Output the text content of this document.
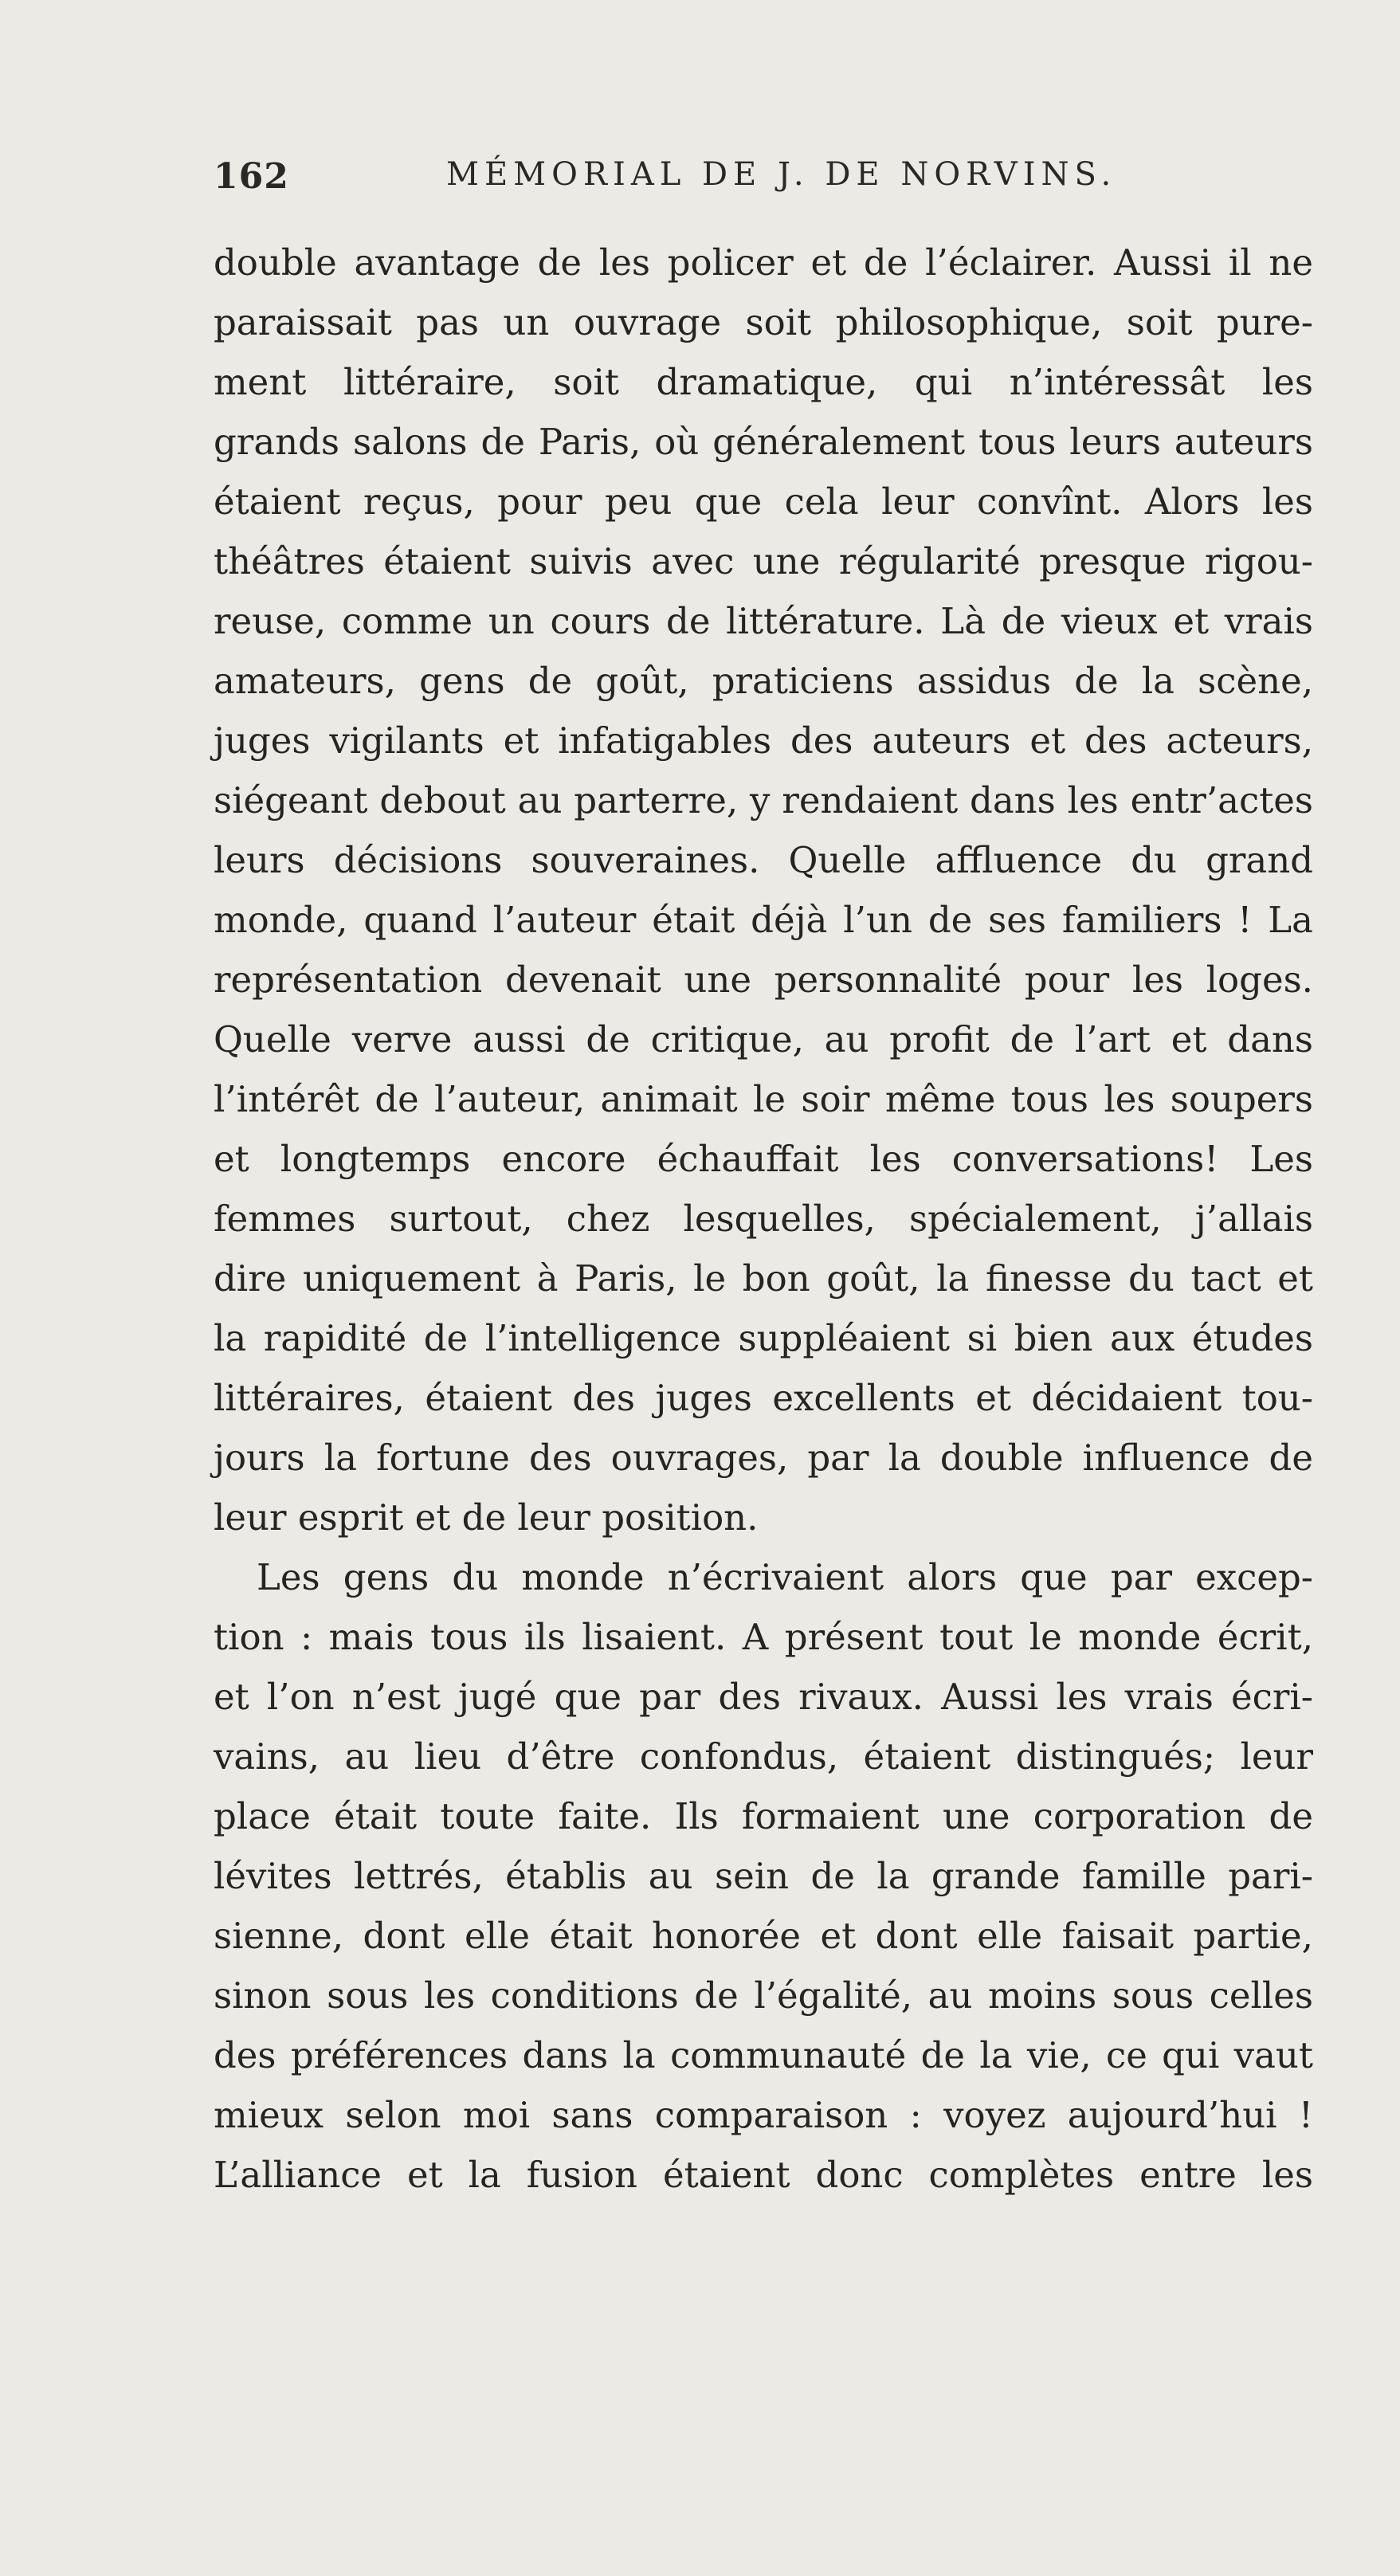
162	MÉMORIAL DE J. DE NORVINS.
double avantage de les policer et de l’éclairer. Aussi il ne
paraissait pas un ouvrage soit philosophique, soit pure-
ment littéraire, soit dramatique, qui n’intéressât les
grands salons de Paris, où généralement tous leurs auteurs
étaient reçus, pour peu que cela leur convînt. Alors les
théâtres étaient suivis avec une régularité presque rigou-
reuse, comme un cours de littérature. Là de vieux et vrais
amateurs, gens de goût, praticiens assidus de la scène,
juges vigilants et infatigables des auteurs et des acteurs,
siégeant debout au parterre, y rendaient dans les entr’actes
leurs décisions souveraines. Quelle affluence du grand
monde, quand l’auteur était déjà l’un de ses familiers ! La
représentation devenait une personnalité pour les loges.
Quelle verve aussi de critique, au profit de l’art et dans
l’intérêt de l’auteur, animait le soir même tous les soupers
et longtemps encore échauffait les conversations! Les
femmes surtout, chez lesquelles, spécialement, j’allais
dire uniquement à Paris, le bon goût, la finesse du tact et
la rapidité de l’intelligence suppléaient si bien aux études
littéraires, étaient des juges excellents et décidaient tou-
jours la fortune des ouvrages, par la double influence de
leur esprit et de leur position.
Les gens du monde n’écrivaient alors que par excep-
tion : mais tous ils lisaient. A présent tout le monde écrit,
et l’on n’est jugé que par des rivaux. Aussi les vrais écri-
vains, au lieu d’être confondus, étaient distingués; leur
place était toute faite. Ils formaient une corporation de
lévites lettrés, établis au sein de la grande famille pari-
sienne, dont elle était honorée et dont elle faisait partie,
sinon sous les conditions de l’égalité, au moins sous celles
des préférences dans la communauté de la vie, ce qui vaut
mieux selon moi sans comparaison : voyez aujourd’hui !
L’alliance et la fusion étaient donc complètes entre les
